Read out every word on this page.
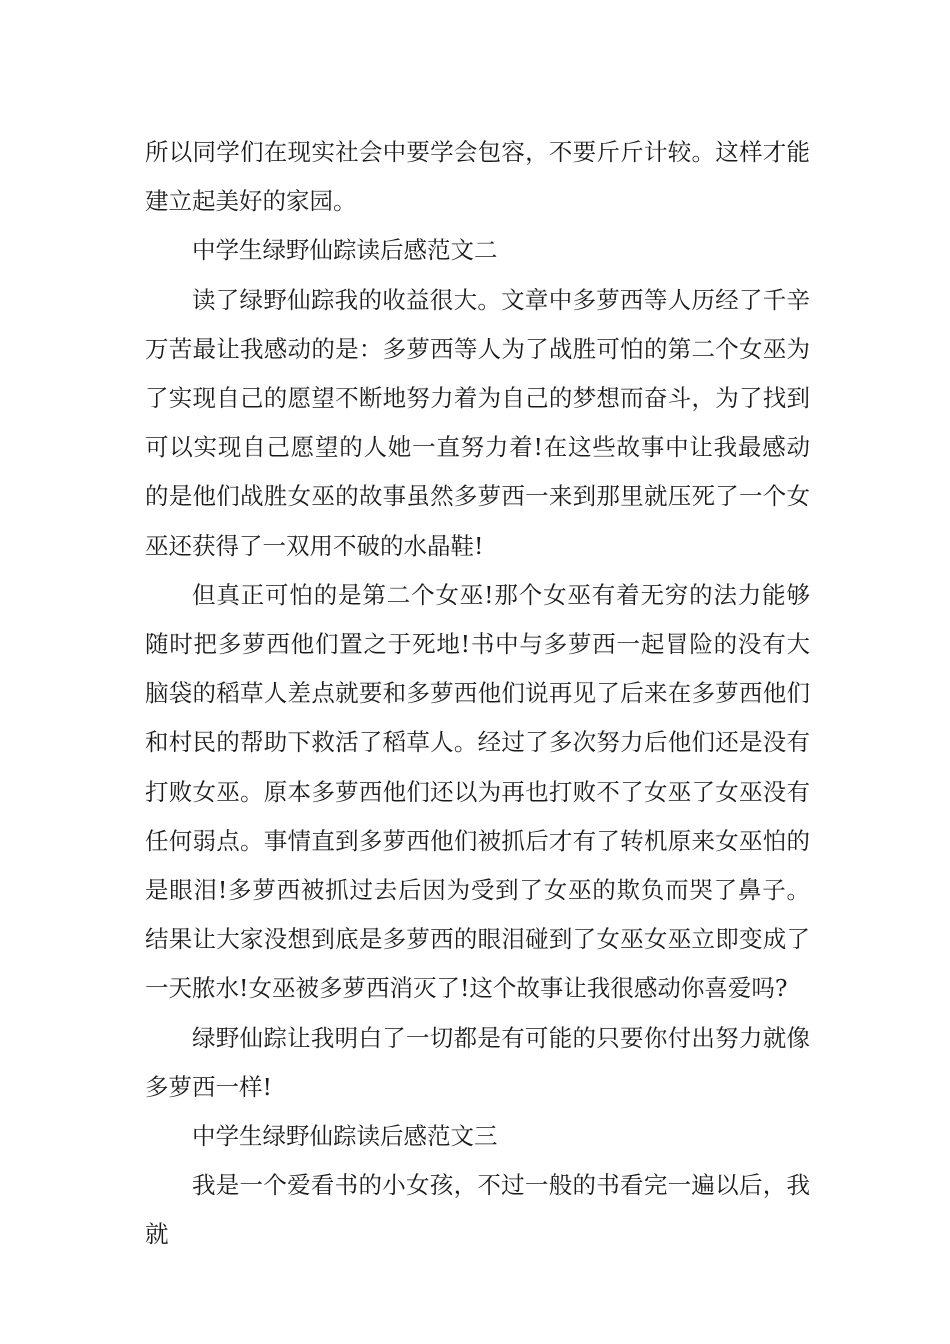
所以同学们在现实社会中要学会包容，不要斤斤计较。这样才能建立起美好的家园。

中学生绿野仙踪读后感范文二

读了绿野仙踪我的收益很大。文章中多萝西等人历经了千辛万苦最让我感动的是：多萝西等人为了战胜可怕的第二个女巫为了实现自己的愿望不断地努力着为自己的梦想而奋斗，为了找到可以实现自己愿望的人她一直努力着!在这些故事中让我最感动的是他们战胜女巫的故事虽然多萝西一来到那里就压死了一个女巫还获得了一双用不破的水晶鞋!

但真正可怕的是第二个女巫!那个女巫有着无穷的法力能够随时把多萝西他们置之于死地!书中与多萝西一起冒险的没有大脑袋的稻草人差点就要和多萝西他们说再见了后来在多萝西他们和村民的帮助下救活了稻草人。经过了多次努力后他们还是没有打败女巫。原本多萝西他们还以为再也打败不了女巫了女巫没有任何弱点。事情直到多萝西他们被抓后才有了转机原来女巫怕的是眼泪!多萝西被抓过去后因为受到了女巫的欺负而哭了鼻子。结果让大家没想到底是多萝西的眼泪碰到了女巫女巫立即变成了一天脓水!女巫被多萝西消灭了!这个故事让我很感动你喜爱吗?

绿野仙踪让我明白了一切都是有可能的只要你付出努力就像多萝西一样!

中学生绿野仙踪读后感范文三

我是一个爱看书的小女孩，不过一般的书看完一遍以后，我就
